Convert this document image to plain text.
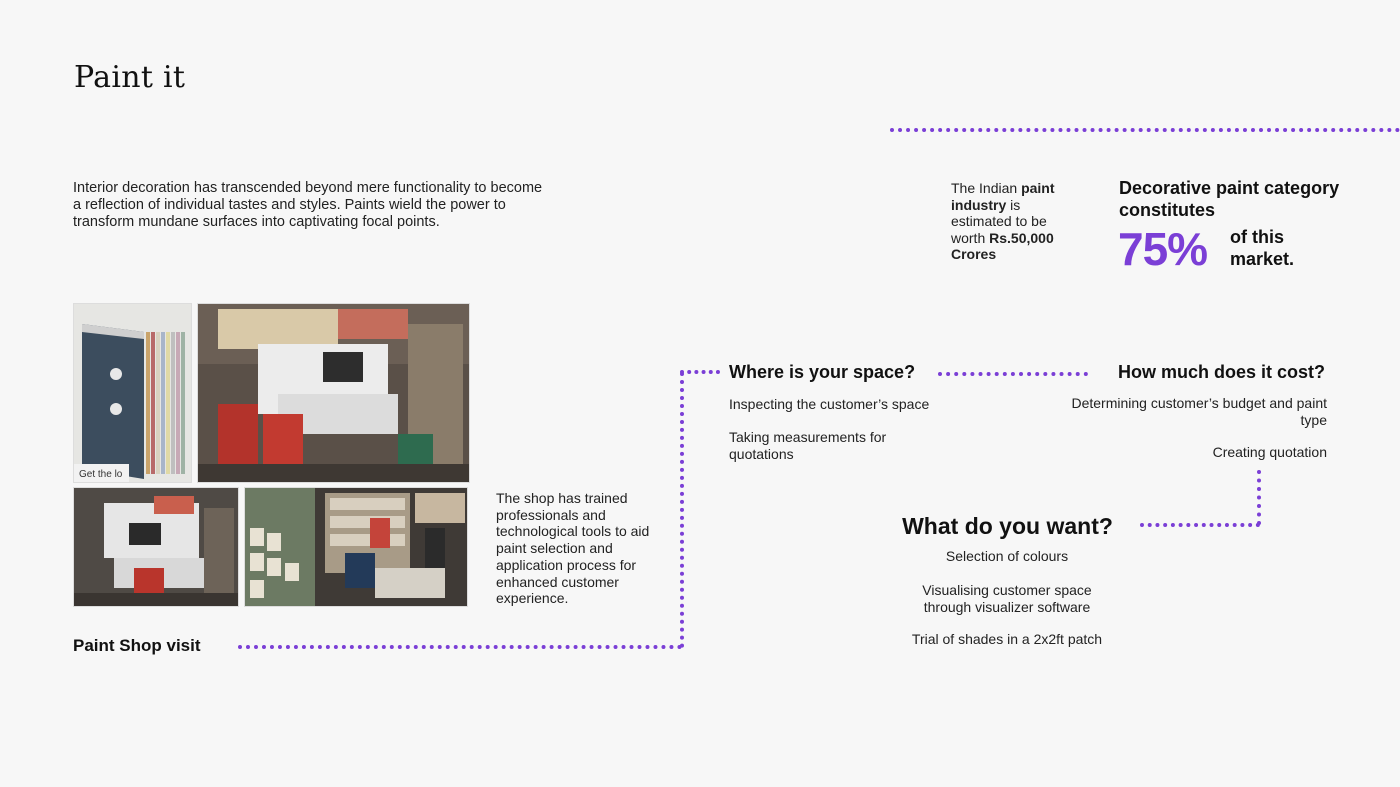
Paint it
Interior decoration has transcended beyond mere functionality to become a reflection of individual tastes and styles. Paints wield the power to transform mundane surfaces into captivating focal points.
The Indian paint industry is estimated to be worth Rs.50,000 Crores
Decorative paint category constitutes
75% of this market.
Get the lo
The shop has trained professionals and technological tools to aid paint selection and application process for enhanced customer experience.
Paint Shop visit
Where is your space?
Inspecting the customer’s space
Taking measurements for quotations
How much does it cost?
Determining customer’s budget and paint type
Creating quotation
What do you want?
Selection of colours
Visualising customer space through visualizer software
Trial of shades in a 2x2ft patch
